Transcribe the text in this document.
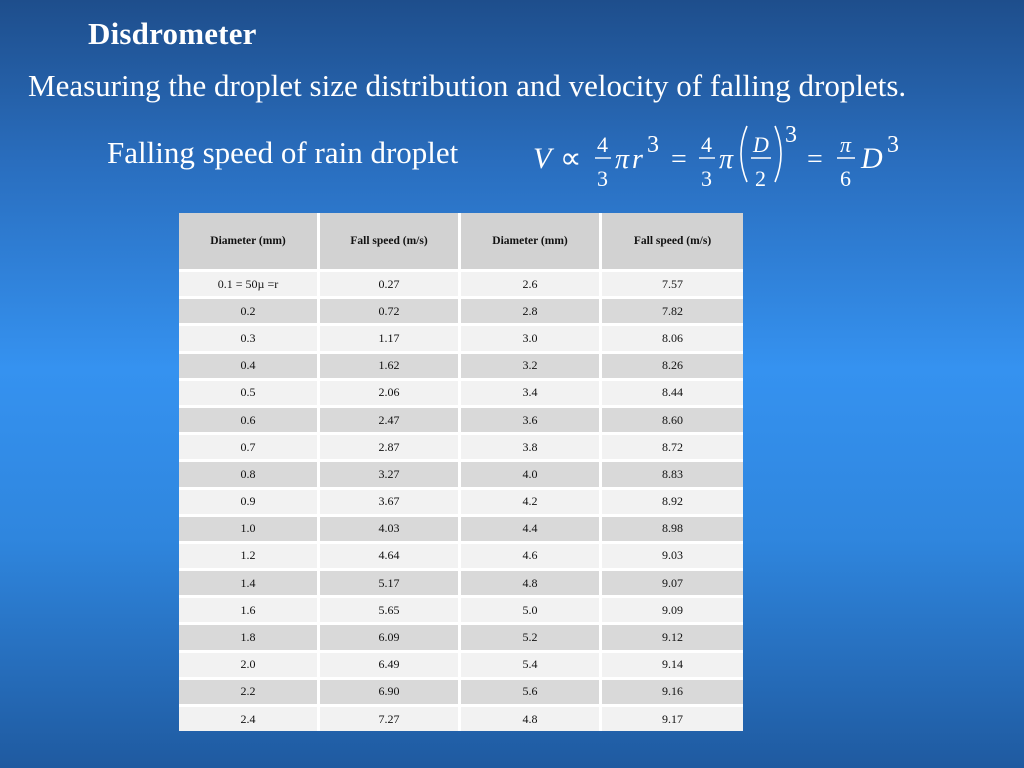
Disdrometer
Measuring the droplet size distribution and velocity of falling droplets.
Falling speed of rain droplet V ∝ 4
3
π r 3 = 4
3
π D
2
3
= π
6
D 3
Diameter (mm)	Fall speed (m/s)	Diameter (mm)	Fall speed (m/s)
0.1 = 50µ =r	0.27	2.6	7.57
0.2	0.72	2.8	7.82
0.3	1.17	3.0	8.06
0.4	1.62	3.2	8.26
0.5	2.06	3.4	8.44
0.6	2.47	3.6	8.60
0.7	2.87	3.8	8.72
0.8	3.27	4.0	8.83
0.9	3.67	4.2	8.92
1.0	4.03	4.4	8.98
1.2	4.64	4.6	9.03
1.4	5.17	4.8	9.07
1.6	5.65	5.0	9.09
1.8	6.09	5.2	9.12
2.0	6.49	5.4	9.14
2.2	6.90	5.6	9.16
2.4	7.27	4.8	9.17
